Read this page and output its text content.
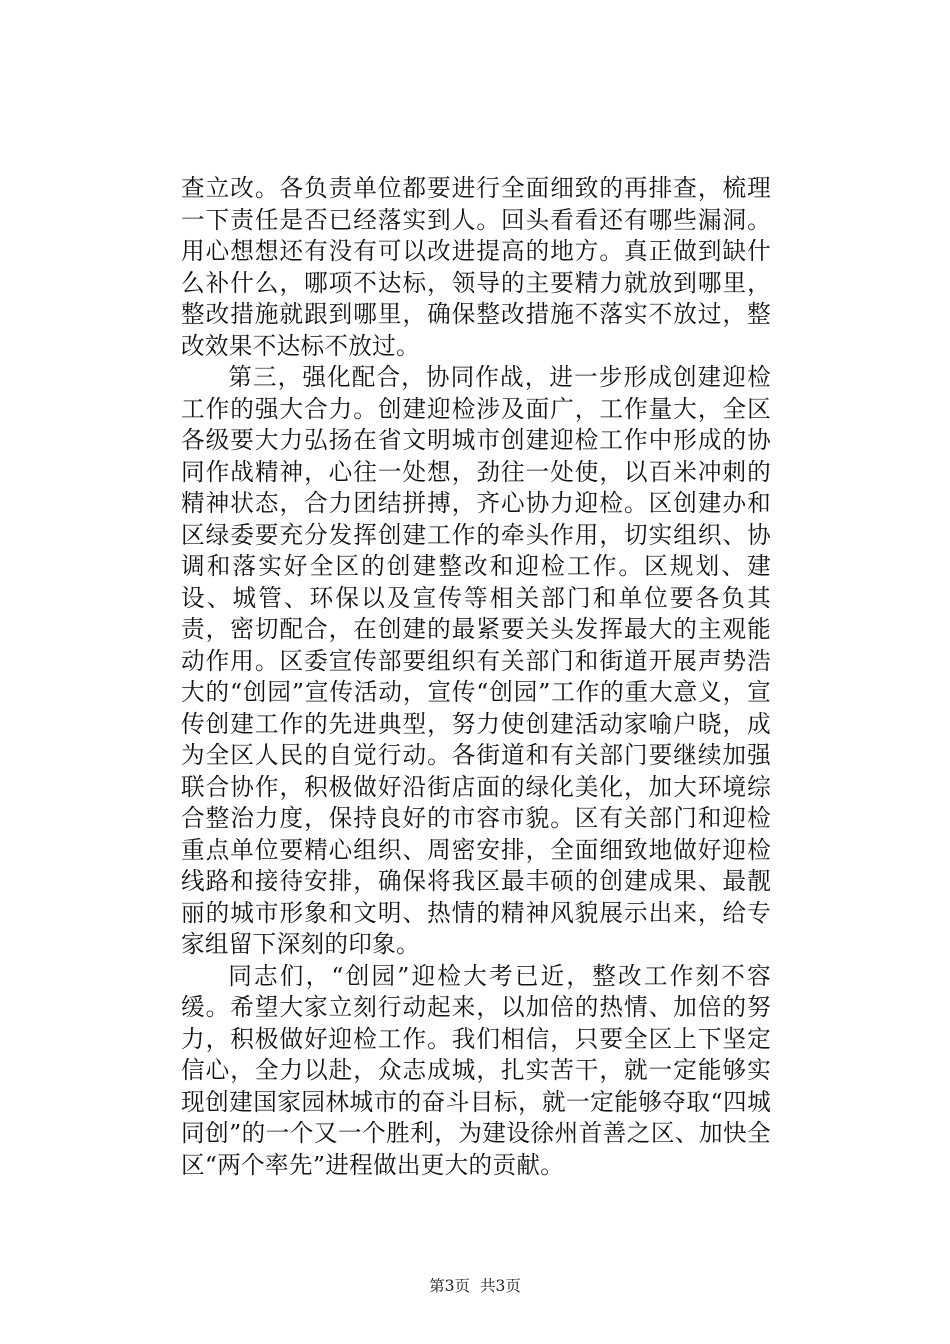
查立改。各负责单位都要进行全面细致的再排查，梳理一下责任是否已经落实到人。回头看看还有哪些漏洞。用心想想还有没有可以改进提高的地方。真正做到缺什么补什么，哪项不达标，领导的主要精力就放到哪里，整改措施就跟到哪里，确保整改措施不落实不放过，整改效果不达标不放过。

第三，强化配合，协同作战，进一步形成创建迎检工作的强大合力。创建迎检涉及面广，工作量大，全区各级要大力弘扬在省文明城市创建迎检工作中形成的协同作战精神，心往一处想，劲往一处使，以百米冲刺的精神状态，合力团结拼搏，齐心协力迎检。区创建办和区绿委要充分发挥创建工作的牵头作用，切实组织、协调和落实好全区的创建整改和迎检工作。区规划、建设、城管、环保以及宣传等相关部门和单位要各负其责，密切配合，在创建的最紧要关头发挥最大的主观能动作用。区委宣传部要组织有关部门和街道开展声势浩大的“创园”宣传活动，宣传“创园”工作的重大意义，宣传创建工作的先进典型，努力使创建活动家喻户晓，成为全区人民的自觉行动。各街道和有关部门要继续加强联合协作，积极做好沿街店面的绿化美化，加大环境综合整治力度，保持良好的市容市貌。区有关部门和迎检重点单位要精心组织、周密安排，全面细致地做好迎检线路和接待安排，确保将我区最丰硕的创建成果、最靓丽的城市形象和文明、热情的精神风貌展示出来，给专家组留下深刻的印象。

同志们，“创园”迎检大考已近，整改工作刻不容缓。希望大家立刻行动起来，以加倍的热情、加倍的努力，积极做好迎检工作。我们相信，只要全区上下坚定信心，全力以赴，众志成城，扎实苦干，就一定能够实现创建国家园林城市的奋斗目标，就一定能够夺取“四城同创”的一个又一个胜利，为建设徐州首善之区、加快全区“两个率先”进程做出更大的贡献。

第3页 共3页
